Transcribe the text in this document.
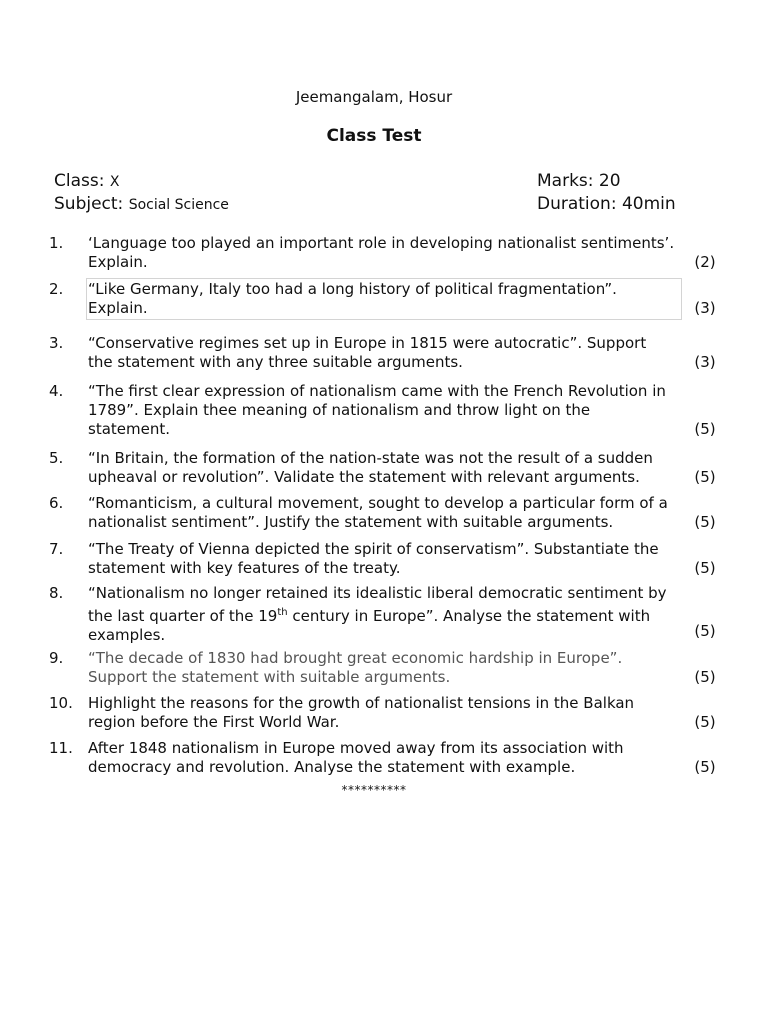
Jeemangalam, Hosur
Class Test
Class: X
Subject: Social Science
Marks: 20
Duration: 40min
1. ‘Language too played an important role in developing nationalist sentiments’.
Explain.	(2)
2. “Like Germany, Italy too had a long history of political fragmentation”.
Explain.	(3)
3. “Conservative regimes set up in Europe in 1815 were autocratic”. Support
the statement with any three suitable arguments.	(3)
4. “The first clear expression of nationalism came with the French Revolution in
1789”. Explain thee meaning of nationalism and throw light on the
statement.	(5)
5. “In Britain, the formation of the nation-state was not the result of a sudden
upheaval or revolution”. Validate the statement with relevant arguments.	(5)
6. “Romanticism, a cultural movement, sought to develop a particular form of a
nationalist sentiment”. Justify the statement with suitable arguments.	(5)
7. “The Treaty of Vienna depicted the spirit of conservatism”. Substantiate the
statement with key features of the treaty.	(5)
8. “Nationalism no longer retained its idealistic liberal democratic sentiment by
the last quarter of the 19th century in Europe”. Analyse the statement with
examples.	(5)
9. “The decade of 1830 had brought great economic hardship in Europe”.
Support the statement with suitable arguments.	(5)
10. Highlight the reasons for the growth of nationalist tensions in the Balkan
region before the First World War.	(5)
11. After 1848 nationalism in Europe moved away from its association with
democracy and revolution. Analyse the statement with example.	(5)
**********
